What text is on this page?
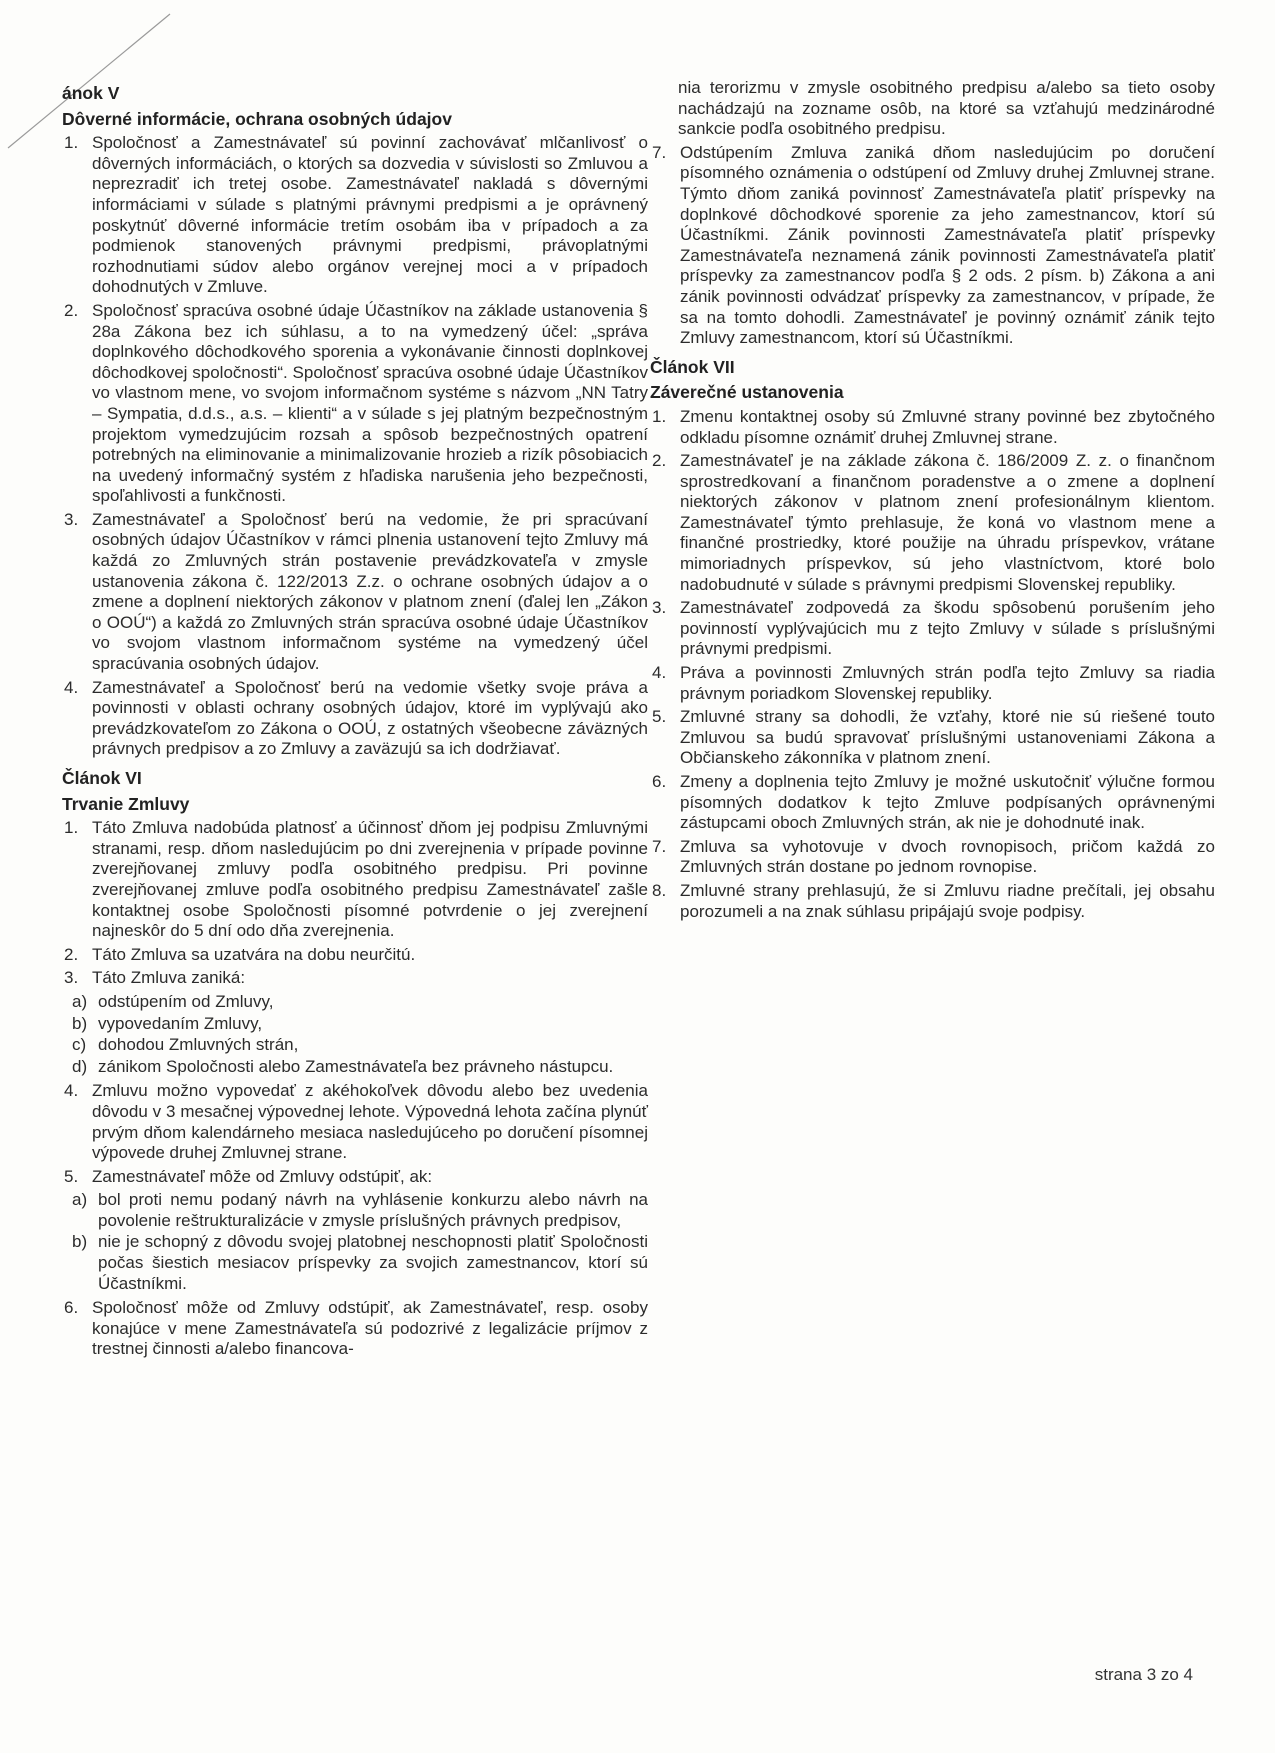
ánok V
Dôverné informácie, ochrana osobných údajov
1. Spoločnosť a Zamestnávateľ sú povinní zachovávať mlčanlivosť o dôverných informáciách, o ktorých sa dozvedia v súvislosti so Zmluvou a neprezradiť ich tretej osobe. Zamestnávateľ nakladá s dôvernými informáciami v súlade s platnými právnymi predpismi a je oprávnený poskytnúť dôverné informácie tretím osobám iba v prípadoch a za podmienok stanovených právnymi predpismi, právoplatnými rozhodnutiami súdov alebo orgánov verejnej moci a v prípadoch dohodnutých v Zmluve.
2. Spoločnosť spracúva osobné údaje Účastníkov na základe ustanovenia § 28a Zákona bez ich súhlasu, a to na vymedzený účel: „správa doplnkového dôchodkového sporenia a vykonávanie činnosti doplnkovej dôchodkovej spoločnosti“. Spoločnosť spracúva osobné údaje Účastníkov vo vlastnom mene, vo svojom informačnom systéme s názvom „NN Tatry – Sympatia, d.d.s., a.s. – klienti“ a v súlade s jej platným bezpečnostným projektom vymedzujúcim rozsah a spôsob bezpečnostných opatrení potrebných na eliminovanie a minimalizovanie hrozieb a rizík pôsobiacich na uvedený informačný systém z hľadiska narušenia jeho bezpečnosti, spoľahlivosti a funkčnosti.
3. Zamestnávateľ a Spoločnosť berú na vedomie, že pri spracúvaní osobných údajov Účastníkov v rámci plnenia ustanovení tejto Zmluvy má každá zo Zmluvných strán postavenie prevádzkovateľa v zmysle ustanovenia zákona č. 122/2013 Z.z. o ochrane osobných údajov a o zmene a doplnení niektorých zákonov v platnom znení (ďalej len „Zákon o OOÚ“) a každá zo Zmluvných strán spracúva osobné údaje Účastníkov vo svojom vlastnom informačnom systéme na vymedzený účel spracúvania osobných údajov.
4. Zamestnávateľ a Spoločnosť berú na vedomie všetky svoje práva a povinnosti v oblasti ochrany osobných údajov, ktoré im vyplývajú ako prevádzkovateľom zo Zákona o OOÚ, z ostatných všeobecne záväzných právnych predpisov a zo Zmluvy a zaväzujú sa ich dodržiavať.
Článok VI
Trvanie Zmluvy
1. Táto Zmluva nadobúda platnosť a účinnosť dňom jej podpisu Zmluvnými stranami, resp. dňom nasledujúcim po dni zverejnenia v prípade povinne zverejňovanej zmluvy podľa osobitného predpisu. Pri povinne zverejňovanej zmluve podľa osobitného predpisu Zamestnávateľ zašle kontaktnej osobe Spoločnosti písomné potvrdenie o jej zverejnení najneskôr do 5 dní odo dňa zverejnenia.
2. Táto Zmluva sa uzatvára na dobu neurčitú.
3. Táto Zmluva zaniká:
a) odstúpením od Zmluvy,
b) vypovedaním Zmluvy,
c) dohodou Zmluvných strán,
d) zánikom Spoločnosti alebo Zamestnávateľa bez právneho nástupcu.
4. Zmluvu možno vypovedať z akéhokoľvek dôvodu alebo bez uvedenia dôvodu v 3 mesačnej výpovednej lehote. Výpovedná lehota začína plynúť prvým dňom kalendárneho mesiaca nasledujúceho po doručení písomnej výpovede druhej Zmluvnej strane.
5. Zamestnávateľ môže od Zmluvy odstúpiť, ak:
a) bol proti nemu podaný návrh na vyhlásenie konkurzu alebo návrh na povolenie reštrukturalizácie v zmysle príslušných právnych predpisov,
b) nie je schopný z dôvodu svojej platobnej neschopnosti platiť Spoločnosti počas šiestich mesiacov príspevky za svojich zamestnancov, ktorí sú Účastníkmi.
6. Spoločnosť môže od Zmluvy odstúpiť, ak Zamestnávateľ, resp. osoby konajúce v mene Zamestnávateľa sú podozrivé z legalizácie príjmov z trestnej činnosti a/alebo financova-
nia terorizmu v zmysle osobitného predpisu a/alebo sa tieto osoby nachádzajú na zozname osôb, na ktoré sa vzťahujú medzinárodné sankcie podľa osobitného predpisu.
7. Odstúpením Zmluva zaniká dňom nasledujúcim po doručení písomného oznámenia o odstúpení od Zmluvy druhej Zmluvnej strane. Týmto dňom zaniká povinnosť Zamestnávateľa platiť príspevky na doplnkové dôchodkové sporenie za jeho zamestnancov, ktorí sú Účastníkmi. Zánik povinnosti Zamestnávateľa platiť príspevky Zamestnávateľa neznamená zánik povinnosti Zamestnávateľa platiť príspevky za zamestnancov podľa § 2 ods. 2 písm. b) Zákona a ani zánik povinnosti odvádzať príspevky za zamestnancov, v prípade, že sa na tomto dohodli. Zamestnávateľ je povinný oznámiť zánik tejto Zmluvy zamestnancom, ktorí sú Účastníkmi.
Článok VII
Záverečné ustanovenia
1. Zmenu kontaktnej osoby sú Zmluvné strany povinné bez zbytočného odkladu písomne oznámiť druhej Zmluvnej strane.
2. Zamestnávateľ je na základe zákona č. 186/2009 Z. z. o finančnom sprostredkovaní a finančnom poradenstve a o zmene a doplnení niektorých zákonov v platnom znení profesionálnym klientom. Zamestnávateľ týmto prehlasuje, že koná vo vlastnom mene a finančné prostriedky, ktoré použije na úhradu príspevkov, vrátane mimoriadnych príspevkov, sú jeho vlastníctvom, ktoré bolo nadobudnuté v súlade s právnymi predpismi Slovenskej republiky.
3. Zamestnávateľ zodpovedá za škodu spôsobenú porušením jeho povinností vyplývajúcich mu z tejto Zmluvy v súlade s príslušnými právnymi predpismi.
4. Práva a povinnosti Zmluvných strán podľa tejto Zmluvy sa riadia právnym poriadkom Slovenskej republiky.
5. Zmluvné strany sa dohodli, že vzťahy, ktoré nie sú riešené touto Zmluvou sa budú spravovať príslušnými ustanoveniami Zákona a Občianskeho zákonníka v platnom znení.
6. Zmeny a doplnenia tejto Zmluvy je možné uskutočniť výlučne formou písomných dodatkov k tejto Zmluve podpísaných oprávnenými zástupcami oboch Zmluvných strán, ak nie je dohodnuté inak.
7. Zmluva sa vyhotovuje v dvoch rovnopisoch, pričom každá zo Zmluvných strán dostane po jednom rovnopise.
8. Zmluvné strany prehlasujú, že si Zmluvu riadne prečítali, jej obsahu porozumeli a na znak súhlasu pripájajú svoje podpisy.
strana 3 zo 4
